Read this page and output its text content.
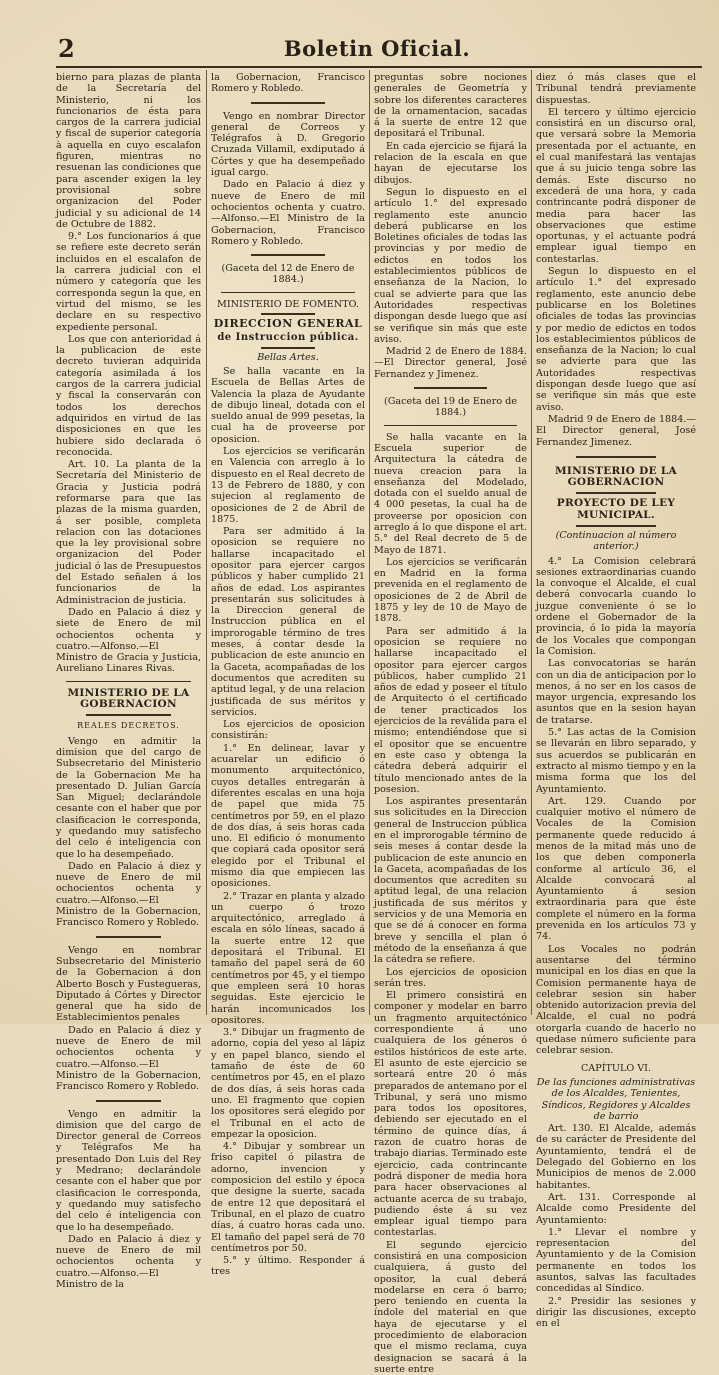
2	Boletin Oficial.

bierno para plazas de planta de la Secretaría del Ministerio, ni los funcionarios de ésta para cargos de la carrera judicial y fiscal de superior categoría à aquella en cuyo escalafon figuren, mientras no resuenan las condiciones que para ascender exigen la ley provisional sobre organizacion del Poder judicial y su adicional de 14 de Octubre de 1882.

9.° Los funcionarios á que se refiere este decreto serán incluidos en el escalafon de la carrera judicial con el número y categoría que les corresponda segun la que, en virtud del mismo, se les declare en su respectivo expediente personal.

Los que con anterioridad á la publicacion de este decreto tuvieran adquirida categoría asimilada á los cargos de la carrera judicial y fiscal la conservarán con todos los derechos adquiridos en virtud de las disposiciones en que les hubiere sido declarada ó reconocida.

Art. 10. La planta de la Secretaría del Ministerio de Gracia y Justicia podrá reformarse para que las plazas de la misma guarden, á ser posible, completa relacion con las dotaciones que la ley provisional sobre organizacion del Poder judicial ó las de Presupuestos del Estado señalen á los funcionarios de la Administracion de justicia.

Dado en Palacio á diez y siete de Enero de mil ochocientos ochenta y cuatro.—Alfonso.—El Ministro de Gracia y Justicia, Aureliano Linares Rivas.

MINISTERIO DE LA GOBERNACION
REALES DECRETOS.

Vengo en admitir la dimision que del cargo de Subsecretario del Ministerio de la Gobernacion Me ha presentado D. Julian García San Miguel; declarándole cesante con el haber que por clasificacion le corresponda, y quedando muy satisfecho del celo é inteligencia con que lo ha desempeñado.

Dado en Palacio á diez y nueve de Enero de mil ochocientos ochenta y cuatro.—Alfonso.—El Ministro de la Gobernacion, Francisco Romero y Robledo.

Vengo en nombrar Subsecretario del Ministerio de la Gobernacion á don Alberto Bosch y Fustegueras, Diputado á Córtes y Director general que ha sido de Establecimientos penales

Dado en Palacio á diez y nueve de Enero de mil ochocientos ochenta y cuatro.—Alfonso.—El Ministro de la Gobernacion, Francisco Romero y Robledo.

Vengo en admitir la dimision que del cargo de Director general de Correos y Telégrafos Me ha presentado Don Luis del Rey y Medrano; declarándole cesante con el haber que por clasificacion le corresponda, y quedando muy satisfecho del celo é inteligencia con que lo ha desempeñado.

Dado en Palacio á diez y nueve de Enero de mil ochocientos ochenta y cuatro.—Alfonso.—El Ministro de la

la Gobernacion, Francisco Romero y Robledo.

Vengo en nombrar Director general de Correos y Telégrafos à D. Gregorio Cruzada Villamil, exdiputado á Córtes y que ha desempeñado igual cargo.

Dado en Palacio á diez y nueve de Enero de mil ochocientos ochenta y cuatro.—Alfonso.—El Ministro de la Gobernacion, Francisco Romero y Robledo.

(Gaceta del 12 de Enero de 1884.)

MINISTERIO DE FOMENTO.
DIRECCION GENERAL
de Instruccion pública.
Bellas Artes.

Se halla vacante en la Escuela de Bellas Artes de Valencia la plaza de Ayudante de dibujo lineal, dotada con el sueldo anual de 999 pesetas, la cual ha de proveerse por oposicion.

Los ejercicios se verificarán en Valencia con arreglo à lo dispuesto en el Real decreto de 13 de Febrero de 1880, y con sujecion al reglamento de oposiciones de 2 de Abril de 1875.

Para ser admitido á la oposicion se requiere no hallarse incapacitado el opositor para ejercer cargos públicos y haber cumplido 21 años de edad. Los aspirantes presentarán sus solicitudes à la Direccion general de Instruccion pública en el improrogable término de tres meses, á contar desde la publicacion de este anuncio en la Gaceta, acompañadas de los documentos que acrediten su aptitud legal, y de una relacion justificada de sus méritos y servicios.

Los ejercicios de oposicion consistirán:

1.° En delinear, lavar y acuarelar un edificio ó monumento arquitectónico, cuyos detalles entregarán à diferentes escalas en una hoja de papel que mida 75 centímetros por 59, en el plazo de dos días, á seis horas cada uno. El edificio ó monumento que copiará cada opositor será elegido por el Tribunal el mismo dia que empiecen las oposiciones.

2.° Trazar en planta y alzado un cuerpo ó trozo arquitectónico, arreglado á escala en sólo líneas, sacado á la suerte entre 12 que depositará el Tribunal. El tamaño del papel será de 60 centímetros por 45, y el tiempo que empleen será 10 horas seguidas. Este ejercicio le harán incomunicados los opositores.

3.° Dibujar un fragmento de adorno, copia del yeso al lápiz y en papel blanco, siendo el tamaño de éste de 60 centímetros por 45, en el plazo de dos días, á seis horas cada uno. El fragmento que copien los opositores será elegido por el Tribunal en el acto de empezar la oposicion.

4.° Dibujar y sombrear un friso capitel ó pilastra de adorno, invencion y composicion del estilo y época que designe la suerte, sacada de entre 12 que depositará el Tribunal, en el plazo de cuatro días, á cuatro horas cada uno. El tamaño del papel será de 70 centímetros por 50.

5.° y último. Responder á tres

preguntas sobre nociones generales de Geometría y sobre los diferentes caracteres de la ornamentacion, sacadas á la suerte de entre 12 que depositará el Tribunal.

En cada ejercicio se fijará la relacion de la escala en que hayan de ejecutarse los dibujos.

Segun lo dispuesto en el artículo 1.° del expresado reglamento este anuncio deberá publicarse en los Boletines oficiales de todas las provincias y por medio de edictos en todos los establecimientos públicos de enseñanza de la Nacion, lo cual se advierte para que las Autoridades respectivas dispongan desde luego que así se verifique sin más que este aviso.

Madrid 2 de Enero de 1884.—El Director general, José Fernandez y Jimenez.

(Gaceta del 19 de Enero de 1884.)

Se halla vacante en la Escuela superior de Arquitectura la cátedra de nueva creacion para la enseñanza del Modelado, dotada con el sueldo anual de 4 000 pesetas, la cual ha de proveerse por oposicion con arreglo á lo que dispone el art. 5.° del Real decreto de 5 de Mayo de 1871.

Los ejercicios se verificarán en Madrid en la forma prevenida en el reglamento de oposiciones de 2 de Abril de 1875 y ley de 10 de Mayo de 1878.

Para ser admitido á la oposicion se requiere no hallarse incapacitado el opositor para ejercer cargos públicos, haber cumplido 21 años de edad y poseer el título de Arquitecto ó el certificado de tener practicados los ejercicios de la reválida para el mismo; entendiéndose que si el opositor que se encuentre en este caso y obtenga la cátedra deberá adquirir el título mencionado antes de la posesion.

Los aspirantes presentarán sus solicitudes en la Direccion general de Instruccion pública en el improrogable término de seis meses á contar desde la publicacion de este anuncio en la Gaceta, acompañadas de los documentos que acrediten su aptitud legal, de una relacion justificada de sus méritos y servicios y de una Memoria en que se dé á conocer en forma breve y sencilla el plan ó método de la enseñanza á que la cátedra se refiere.

Los ejercicios de oposicion serán tres.

El primero consistirá en componer y modelar en barro un fragmento arquitectónico correspondiente á uno cualquiera de los géneros ó estilos históricos de este arte. El asunto de este ejercicio se sorteará entre 20 ó más preparados de antemano por el Tribunal, y será uno mismo para todos los opositores, debiendo ser ejecutado en el término de quince días, á razon de cuatro horas de trabajo diarias. Terminado este ejercicio, cada contrincante podrá disponer de media hora para hacer observaciones al actuante acerca de su trabajo, pudiendo éste á su vez emplear igual tiempo para contestarlas.

El segundo ejercicio consistirá en una composicion cualquiera, á gusto del opositor, la cual deberá modelarse en cera ó barro; pero teniendo en cuenta la índole del material en que haya de ejecutarse y el procedimiento de elaboracion que el mismo reclama, cuya designacion se sacará á la suerte entre

diez ó más clases que el Tribunal tendrá previamente dispuestas.

El tercero y último ejercicio consistirá en un discurso oral, que versará sobre la Memoria presentada por el actuante, en el cual manifestará las ventajas que á su juicio tenga sobre las demás. Este discurso no excederá de una hora, y cada contrincante podrá disponer de media para hacer las observaciones que estime oportunas, y el actuante podrá emplear igual tiempo en contestarlas.

Segun lo dispuesto en el artículo 1.° del expresado reglamento, este anuncio debe publicarse en los Boletines oficiales de todas las provincias y por medio de edictos en todos los establecimientos públicos de enseñanza de la Nacion; lo cual se advierte para que las Autoridades respectivas dispongan desde luego que así se verifique sin más que este aviso.

Madrid 9 de Enero de 1884.—El Director general, José Fernandez Jimenez.

MINISTERIO DE LA GOBERNACION
PROYECTO DE LEY MUNICIPAL.
(Continuacion al número anterior.)

4.° La Comision celebrará sesiones extraordinarias cuando la convoque el Alcalde, el cual deberá convocarla cuando lo juzgue conveniente ó se lo ordene el Gobernador de la provincia, ó lo pida la mayoría de los Vocales que compongan la Comision.

Las convocatorias se harán con un dia de anticipacion por lo menos, á no ser en los casos de mayor urgencia, expresando los asuntos que en la sesion hayan de tratarse.

5.° Las actas de la Comision se llevarán en libro separado, y sus acuerdos se publicarán en extracto al mismo tiempo y en la misma forma que los del Ayuntamiento.

Art. 129. Cuando por cualquier motivo el número de Vocales de la Comision permanente quede reducido á menos de la mitad más uno de los que deben componerla conforme al artículo 36, el Alcalde convocará al Ayuntamiento á sesion extraordinaria para que éste complete el número en la forma prevenida en los artículos 73 y 74.

Los Vocales no podrán ausentarse del término municipal en los dias en que la Comision permanente haya de celebrar sesion sin haber obtenido autorizacion previa del Alcalde, el cual no podrá otorgarla cuando de hacerlo no quedase número suficiente para celebrar sesion.

CAPÍTULO VI.

De las funciones administrativas de los Alcaldes, Tenientes, Síndicos, Regidores y Alcaldes de barrio

Art. 130. El Alcalde, además de su carácter de Presidente del Ayuntamiento, tendrá el de Delegado del Gobierno en los Municipios de menos de 2.000 habitantes.

Art. 131. Corresponde al Alcalde como Presidente del Ayuntamiento:

1.° Llevar el nombre y representacion del Ayuntamiento y de la Comision permanente en todos los asuntos, salvas las facultades concedidas al Síndico.

2.° Presidir las sesiones y dirigir las discusiones, excepto en el
